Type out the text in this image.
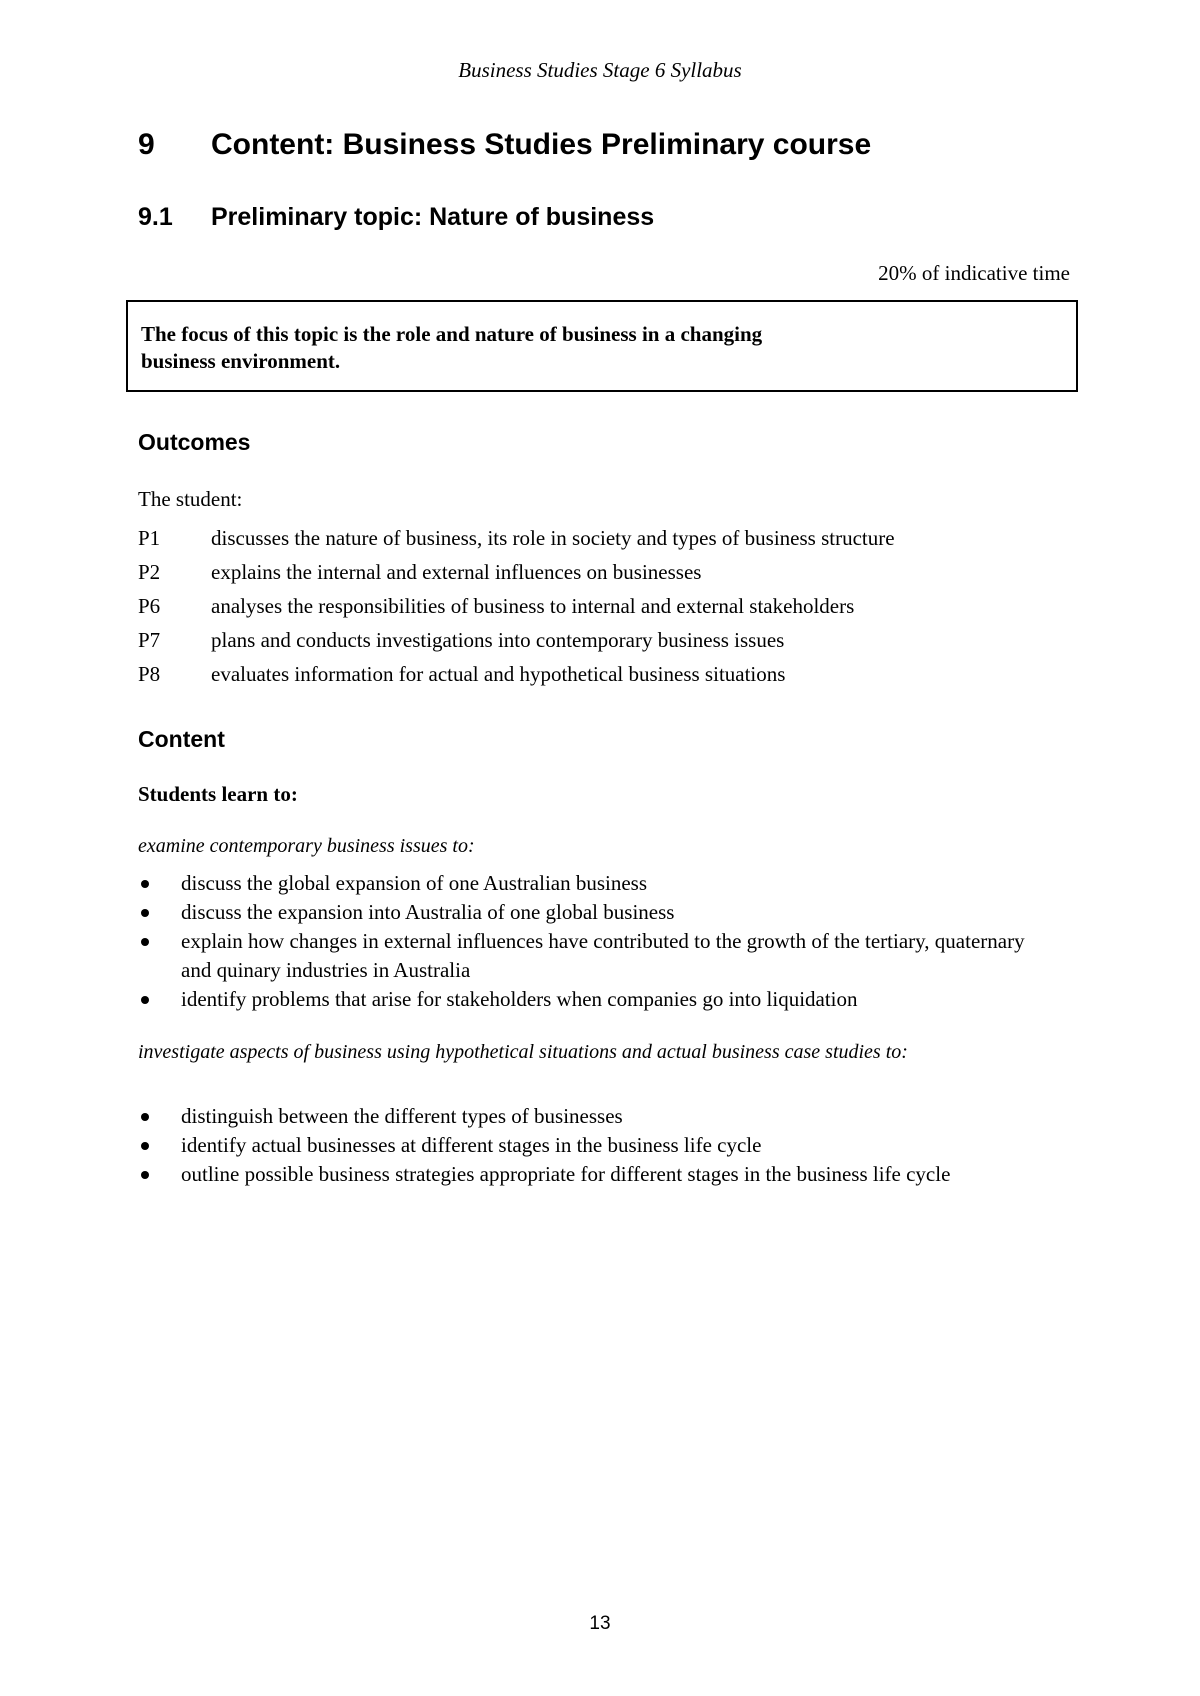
Business Studies Stage 6 Syllabus
9 Content: Business Studies Preliminary course
9.1 Preliminary topic: Nature of business
20% of indicative time
The focus of this topic is the role and nature of business in a changing
business environment.
Outcomes
The student:
P1	discusses the nature of business, its role in society and types of business structure
P2	explains the internal and external influences on businesses
P6	analyses the responsibilities of business to internal and external stakeholders
P7	plans and conducts investigations into contemporary business issues
P8	evaluates information for actual and hypothetical business situations
Content
Students learn to:
examine contemporary business issues to:
discuss the global expansion of one Australian business
discuss the expansion into Australia of one global business
explain how changes in external influences have contributed to the growth of the tertiary, quaternary and quinary industries in Australia
identify problems that arise for stakeholders when companies go into liquidation
investigate aspects of business using hypothetical situations and actual business case studies to:
distinguish between the different types of businesses
identify actual businesses at different stages in the business life cycle
outline possible business strategies appropriate for different stages in the business life cycle
13
